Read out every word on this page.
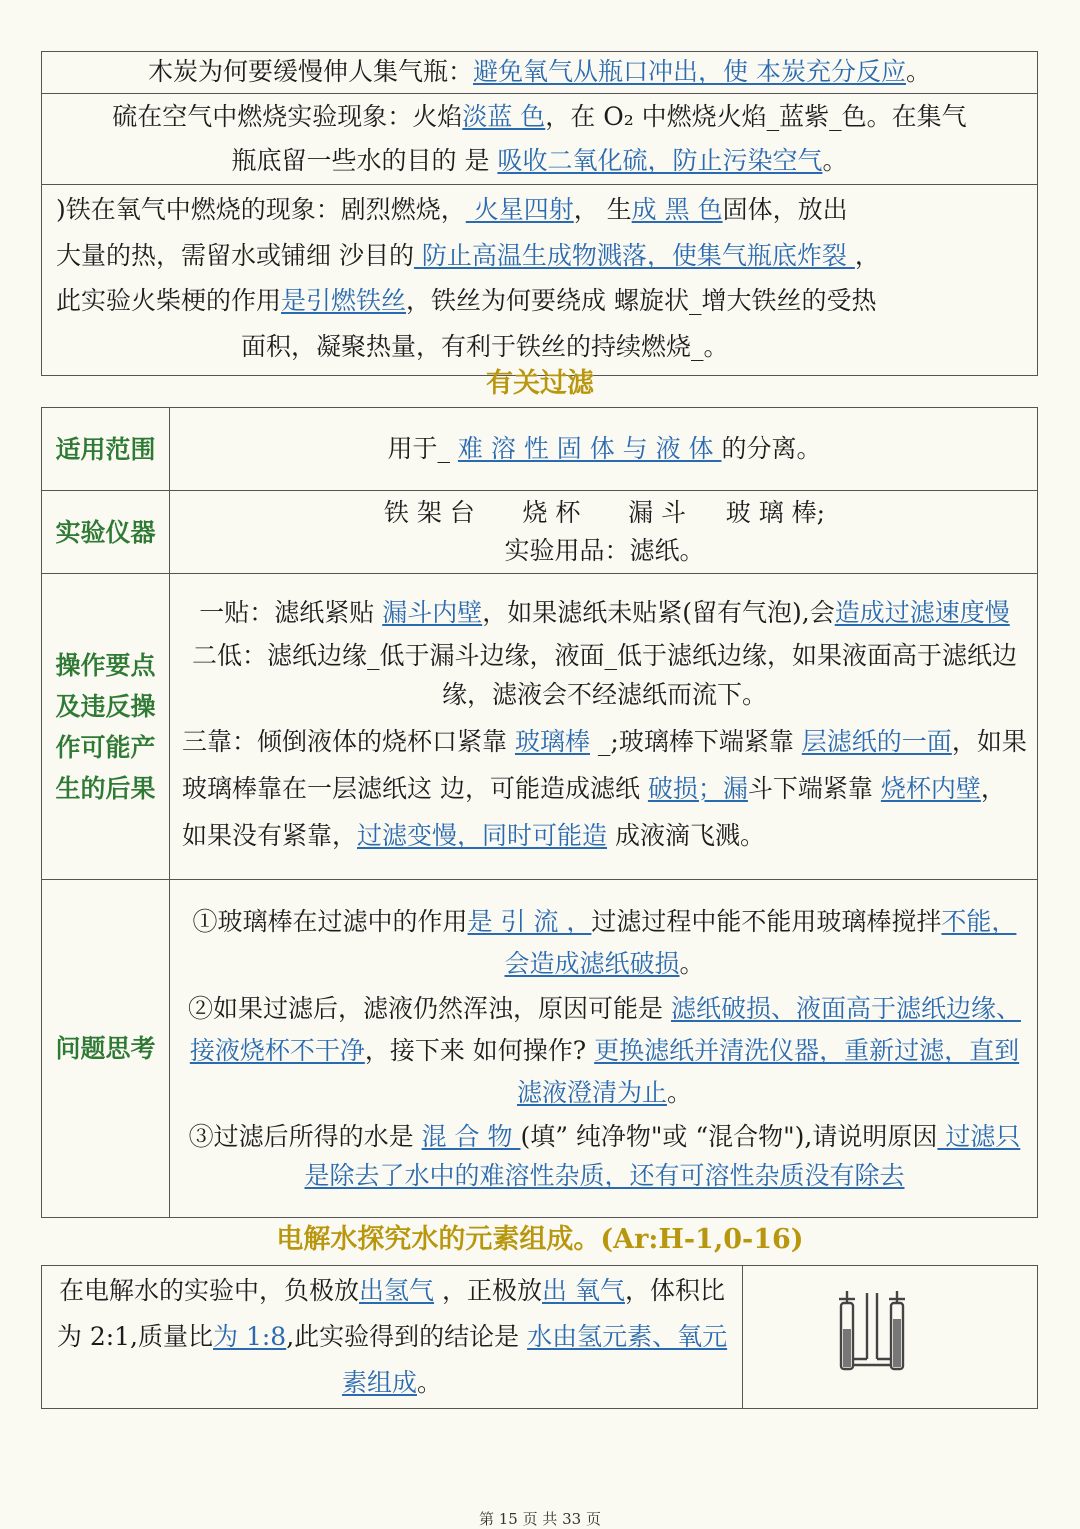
木炭为何要缓慢伸人集气瓶：避免氧气从瓶口冲出，使 本炭充分反应。
硫在空气中燃烧实验现象：火焰淡蓝 色，在 O₂ 中燃烧火焰_蓝紫_色。在集气
瓶底留一些水的目的 是 吸收二氧化硫，防止污染空气。
)铁在氧气中燃烧的现象：剧烈燃烧， 火星四射， 生成 黑 色固体，放出
大量的热，需留水或铺细 沙目的 防止高温生成物溅落，使集气瓶底炸裂 ，
此实验火柴梗的作用是引燃铁丝，铁丝为何要绕成 螺旋状_增大铁丝的受热
面积，凝聚热量，有利于铁丝的持续燃烧_。
有关过滤
适用范围	用于_ 难 溶 性 固 体 与 液 体 的分离。
实验仪器	铁 架 台      烧 杯      漏 斗     玻 璃 棒;
实验用品：滤纸。
操作要点及违反操作可能产生的后果	一贴：滤纸紧贴 漏斗内壁，如果滤纸未贴紧(留有气泡),会造成过滤速度慢

二低：滤纸边缘_低于漏斗边缘，液面_低于滤纸边缘，如果液面高于滤纸边缘，滤液会不经滤纸而流下。

三靠：倾倒液体的烧杯口紧靠 玻璃棒 _;玻璃棒下端紧靠 层滤纸的一面，如果玻璃棒靠在一层滤纸这 边，可能造成滤纸 破损；漏斗下端紧靠 烧杯内壁，如果没有紧靠，过滤变慢，同时可能造 成液滴飞溅。

问题思考	①玻璃棒在过滤中的作用是 引 流 ，过滤过程中能不能用玻璃棒搅拌不能，会造成滤纸破损。

②如果过滤后，滤液仍然浑浊，原因可能是 滤纸破损、液面高于滤纸边缘、接液烧杯不干净，接下来 如何操作? 更换滤纸并清洗仪器，重新过滤，直到滤液澄清为止。

③过滤后所得的水是 混 合 物 (填” 纯净物"或 “混合物"),请说明原因 过滤只是除去了水中的难溶性杂质，还有可溶性杂质没有除去

电解水探究水的元素组成。(Ar:H-1,0-16)
在电解水的实验中，负极放出氢气 ，正极放出 氧气，体积比为 2:1,质量比为 1:8,此实验得到的结论是 水由氢元素、氧元素组成。	
第 15 页 共 33 页
